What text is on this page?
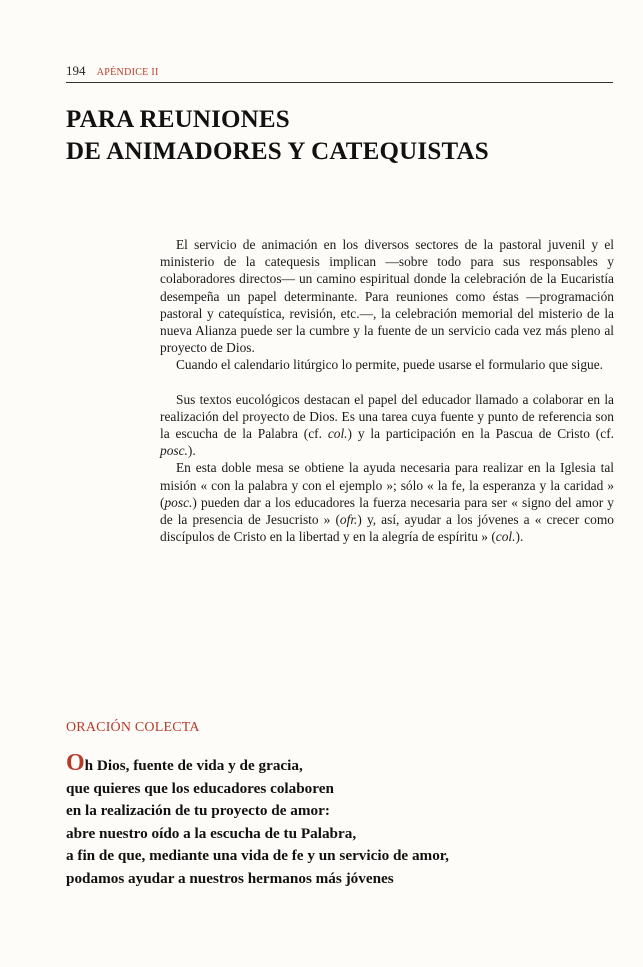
194 APÉNDICE II
PARA REUNIONES
DE ANIMADORES Y CATEQUISTAS

El servicio de animación en los diversos sectores de la pastoral juvenil y el ministerio de la catequesis implican —sobre todo para sus responsables y colaboradores directos— un camino espiritual donde la celebración de la Eucaristía desempeña un papel determinante. Para reuniones como éstas —programación pastoral y catequística, revisión, etc.—, la celebración memorial del misterio de la nueva Alianza puede ser la cumbre y la fuente de un servicio cada vez más pleno al proyecto de Dios.

Cuando el calendario litúrgico lo permite, puede usarse el formulario que sigue.

Sus textos eucológicos destacan el papel del educador llamado a colaborar en la realización del proyecto de Dios. Es una tarea cuya fuente y punto de referencia son la escucha de la Palabra (cf. col.) y la participación en la Pascua de Cristo (cf. posc.).

En esta doble mesa se obtiene la ayuda necesaria para realizar en la Iglesia tal misión « con la palabra y con el ejemplo »; sólo « la fe, la esperanza y la caridad » (posc.) pueden dar a los educadores la fuerza necesaria para ser « signo del amor y de la presencia de Jesucristo » (ofr.) y, así, ayudar a los jóvenes a « crecer como discípulos de Cristo en la libertad y en la alegría de espíritu » (col.).

ORACIÓN COLECTA
Oh Dios, fuente de vida y de gracia,
que quieres que los educadores colaboren
en la realización de tu proyecto de amor:
abre nuestro oído a la escucha de tu Palabra,
a fin de que, mediante una vida de fe y un servicio de amor,
podamos ayudar a nuestros hermanos más jóvenes
